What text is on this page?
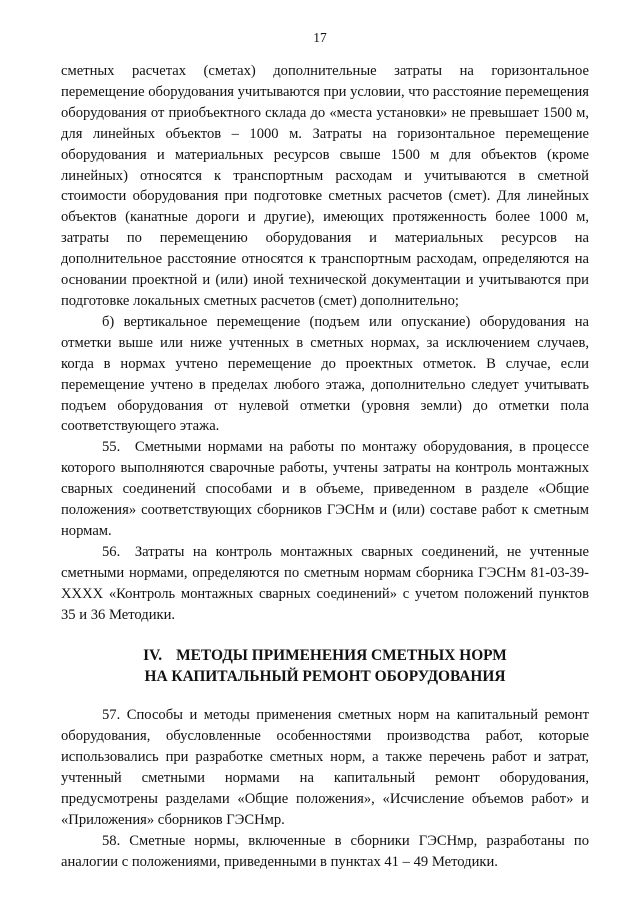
17

сметных расчетах (сметах) дополнительные затраты на горизонтальное перемещение оборудования учитываются при условии, что расстояние перемещения оборудования от приобъектного склада до «места установки» не превышает 1500 м, для линейных объектов – 1000 м. Затраты на горизонтальное перемещение оборудования и материальных ресурсов свыше 1500 м для объектов (кроме линейных) относятся к транспортным расходам и учитываются в сметной стоимости оборудования при подготовке сметных расчетов (смет). Для линейных объектов (канатные дороги и другие), имеющих протяженность более 1000 м, затраты по перемещению оборудования и материальных ресурсов на дополнительное расстояние относятся к транспортным расходам, определяются на основании проектной и (или) иной технической документации и учитываются при подготовке локальных сметных расчетов (смет) дополнительно;

б) вертикальное перемещение (подъем или опускание) оборудования на отметки выше или ниже учтенных в сметных нормах, за исключением случаев, когда в нормах учтено перемещение до проектных отметок. В случае, если перемещение учтено в пределах любого этажа, дополнительно следует учитывать подъем оборудования от нулевой отметки (уровня земли) до отметки пола соответствующего этажа.

55. Сметными нормами на работы по монтажу оборудования, в процессе которого выполняются сварочные работы, учтены затраты на контроль монтажных сварных соединений способами и в объеме, приведенном в разделе «Общие положения» соответствующих сборников ГЭСНм и (или) составе работ к сметным нормам.

56. Затраты на контроль монтажных сварных соединений, не учтенные сметными нормами, определяются по сметным нормам сборника ГЭСНм 81-03-39-ХХХХ «Контроль монтажных сварных соединений» с учетом положений пунктов 35 и 36 Методики.

IV. МЕТОДЫ ПРИМЕНЕНИЯ СМЕТНЫХ НОРМ
НА КАПИТАЛЬНЫЙ РЕМОНТ ОБОРУДОВАНИЯ

57. Способы и методы применения сметных норм на капитальный ремонт оборудования, обусловленные особенностями производства работ, которые использовались при разработке сметных норм, а также перечень работ и затрат, учтенный сметными нормами на капитальный ремонт оборудования, предусмотрены разделами «Общие положения», «Исчисление объемов работ» и «Приложения» сборников ГЭСНмр.

58. Сметные нормы, включенные в сборники ГЭСНмр, разработаны по аналогии с положениями, приведенными в пунктах 41 – 49 Методики.
